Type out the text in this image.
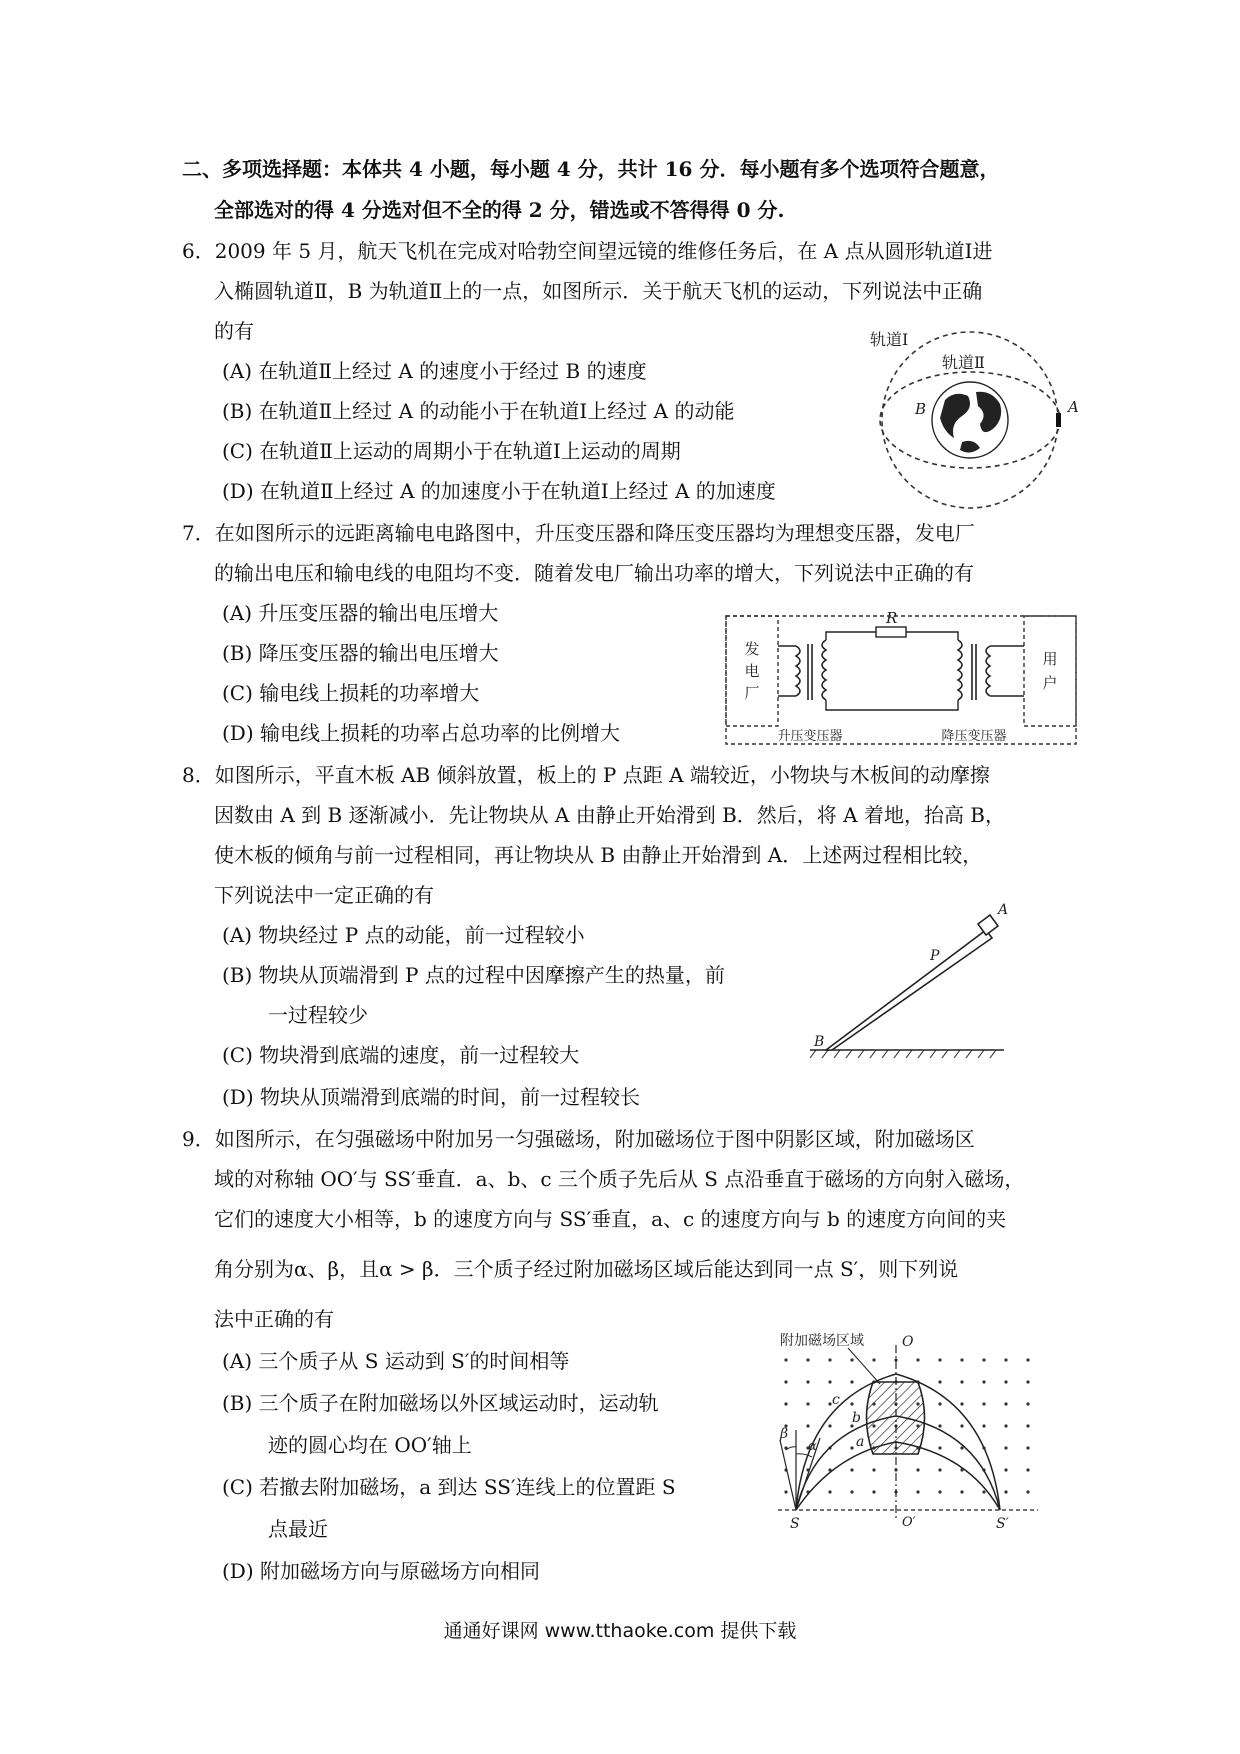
二、多项选择题：本体共 4 小题，每小题 4 分，共计 16 分．每小题有多个选项符合题意，
全部选对的得 4 分选对但不全的得 2 分，错选或不答得得 0 分.
6．2009 年 5 月，航天飞机在完成对哈勃空间望远镜的维修任务后，在 A 点从圆形轨道Ⅰ进
入椭圆轨道Ⅱ，B 为轨道Ⅱ上的一点，如图所示．关于航天飞机的运动，下列说法中正确
的有
(A) 在轨道Ⅱ上经过 A 的速度小于经过 B 的速度
(B) 在轨道Ⅱ上经过 A 的动能小于在轨道Ⅰ上经过 A 的动能
(C) 在轨道Ⅱ上运动的周期小于在轨道Ⅰ上运动的周期
(D) 在轨道Ⅱ上经过 A 的加速度小于在轨道Ⅰ上经过 A 的加速度
轨道Ⅰ
轨道Ⅱ
A
B
7．在如图所示的远距离输电电路图中，升压变压器和降压变压器均为理想变压器，发电厂
的输出电压和输电线的电阻均不变．随着发电厂输出功率的增大，下列说法中正确的有
(A) 升压变压器的输出电压增大
(B) 降压变压器的输出电压增大
(C) 输电线上损耗的功率增大
(D) 输电线上损耗的功率占总功率的比例增大
发
电
厂
用
户
R
升压变压器	降压变压器
8．如图所示，平直木板 AB 倾斜放置，板上的 P 点距 A 端较近，小物块与木板间的动摩擦
因数由 A 到 B 逐渐减小．先让物块从 A 由静止开始滑到 B．然后，将 A 着地，抬高 B，
使木板的倾角与前一过程相同，再让物块从 B 由静止开始滑到 A．上述两过程相比较，
下列说法中一定正确的有
(A) 物块经过 P 点的动能，前一过程较小
(B) 物块从顶端滑到 P 点的过程中因摩擦产生的热量，前
一过程较少
(C) 物块滑到底端的速度，前一过程较大
(D) 物块从顶端滑到底端的时间，前一过程较长
A
B
P
9．如图所示，在匀强磁场中附加另一匀强磁场，附加磁场位于图中阴影区域，附加磁场区
域的对称轴 OO′与 SS′垂直．a、b、c 三个质子先后从 S 点沿垂直于磁场的方向射入磁场，
它们的速度大小相等，b 的速度方向与 SS′垂直，a、c 的速度方向与 b 的速度方向间的夹
角分别为α、β，且α > β．三个质子经过附加磁场区域后能达到同一点 S′，则下列说
法中正确的有
(A) 三个质子从 S 运动到 S′的时间相等
(B) 三个质子在附加磁场以外区域运动时，运动轨
迹的圆心均在 OO′轴上
(C) 若撤去附加磁场，a 到达 SS′连线上的位置距 S
点最近
(D) 附加磁场方向与原磁场方向相同
附加磁场区域	O
O′
S	S′
c
b
a
β
α
通通好课网 www.tthaoke.com 提供下载
